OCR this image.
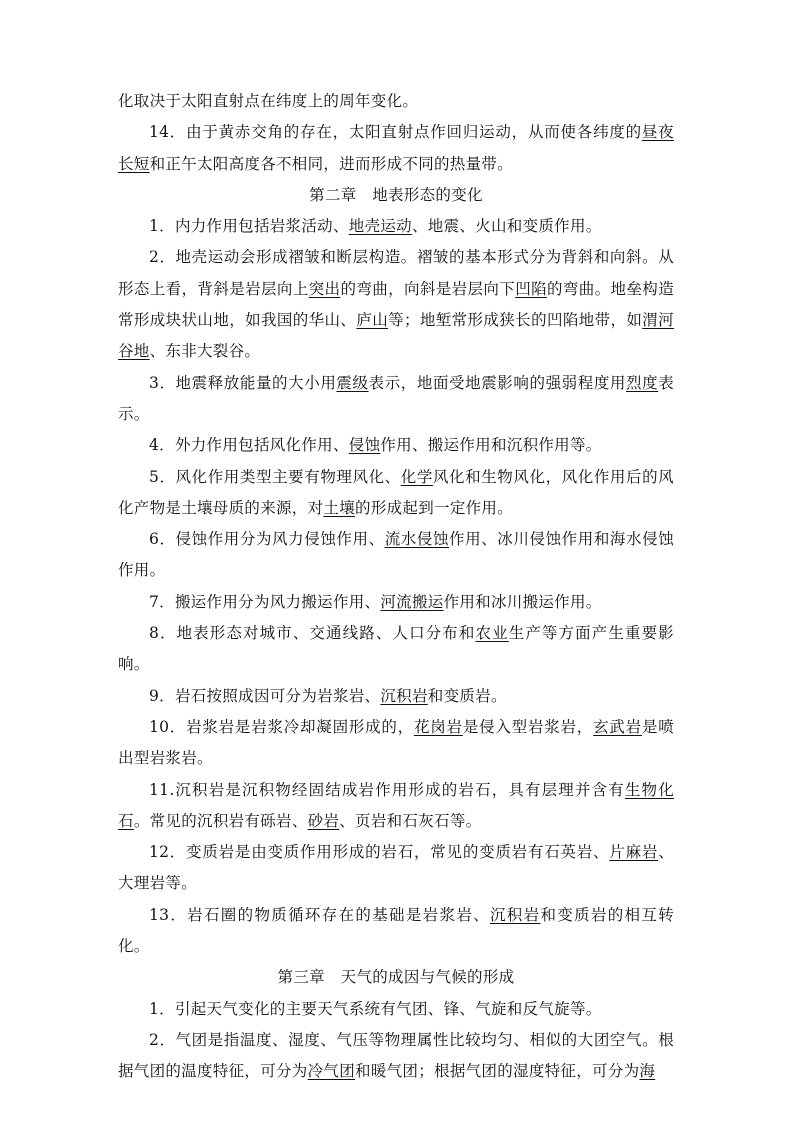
化取决于太阳直射点在纬度上的周年变化。

14．由于黄赤交角的存在，太阳直射点作回归运动，从而使各纬度的昼夜长短和正午太阳高度各不相同，进而形成不同的热量带。

第二章 地表形态的变化

1．内力作用包括岩浆活动、地壳运动、地震、火山和变质作用。

2．地壳运动会形成褶皱和断层构造。褶皱的基本形式分为背斜和向斜。从形态上看，背斜是岩层向上突出的弯曲，向斜是岩层向下凹陷的弯曲。地垒构造常形成块状山地，如我国的华山、庐山等；地堑常形成狭长的凹陷地带，如渭河谷地、东非大裂谷。

3．地震释放能量的大小用震级表示，地面受地震影响的强弱程度用烈度表示。

4．外力作用包括风化作用、侵蚀作用、搬运作用和沉积作用等。

5．风化作用类型主要有物理风化、化学风化和生物风化，风化作用后的风化产物是土壤母质的来源，对土壤的形成起到一定作用。

6．侵蚀作用分为风力侵蚀作用、流水侵蚀作用、冰川侵蚀作用和海水侵蚀作用。

7．搬运作用分为风力搬运作用、河流搬运作用和冰川搬运作用。

8．地表形态对城市、交通线路、人口分布和农业生产等方面产生重要影响。

9．岩石按照成因可分为岩浆岩、沉积岩和变质岩。

10．岩浆岩是岩浆冷却凝固形成的，花岗岩是侵入型岩浆岩，玄武岩是喷出型岩浆岩。

11.沉积岩是沉积物经固结成岩作用形成的岩石，具有层理并含有生物化石。常见的沉积岩有砾岩、砂岩、页岩和石灰石等。

12．变质岩是由变质作用形成的岩石，常见的变质岩有石英岩、片麻岩、大理岩等。

13．岩石圈的物质循环存在的基础是岩浆岩、沉积岩和变质岩的相互转化。

第三章 天气的成因与气候的形成

1．引起天气变化的主要天气系统有气团、锋、气旋和反气旋等。

2．气团是指温度、湿度、气压等物理属性比较均匀、相似的大团空气。根据气团的温度特征，可分为冷气团和暖气团；根据气团的湿度特征，可分为海
